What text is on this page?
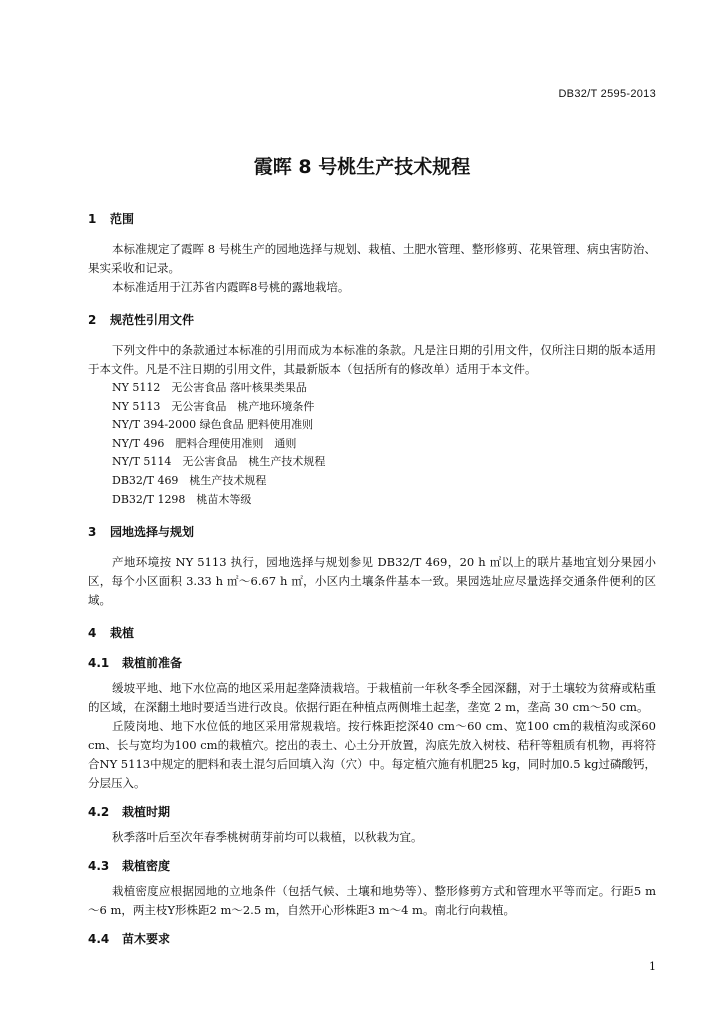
DB32/T 2595-2013
霞晖 8 号桃生产技术规程
1 范围

本标准规定了霞晖 8 号桃生产的园地选择与规划、栽植、土肥水管理、整形修剪、花果管理、病虫害防治、果实采收和记录。

本标准适用于江苏省内霞晖8号桃的露地栽培。

2 规范性引用文件

下列文件中的条款通过本标准的引用而成为本标准的条款。凡是注日期的引用文件，仅所注日期的版本适用于本文件。凡是不注日期的引用文件，其最新版本（包括所有的修改单）适用于本文件。

NY 5112　无公害食品 落叶核果类果品

NY 5113　无公害食品　桃产地环境条件

NY/T 394-2000 绿色食品 肥料使用准则

NY/T 496　肥料合理使用准则　通则

NY/T 5114　无公害食品　桃生产技术规程

DB32/T 469　桃生产技术规程

DB32/T 1298　桃苗木等级

3 园地选择与规划

产地环境按 NY 5113 执行，园地选择与规划参见 DB32/T 469，20 h ㎡以上的联片基地宜划分果园小区，每个小区面积 3.33 h ㎡～6.67 h ㎡，小区内土壤条件基本一致。果园选址应尽量选择交通条件便利的区域。

4 栽植
4.1 栽植前准备

缓坡平地、地下水位高的地区采用起垄降渍栽培。于栽植前一年秋冬季全园深翻，对于土壤较为贫瘠或粘重的区域，在深翻土地时要适当进行改良。依据行距在种植点两侧堆土起垄，垄宽 2 m，垄高 30 cm～50 cm。

丘陵岗地、地下水位低的地区采用常规栽培。按行株距挖深40 cm～60 cm、宽100 cm的栽植沟或深60 cm、长与宽均为100 cm的栽植穴。挖出的表土、心土分开放置，沟底先放入树枝、秸秆等粗质有机物，再将符合NY 5113中规定的肥料和表土混匀后回填入沟（穴）中。每定植穴施有机肥25 kg，同时加0.5 kg过磷酸钙，分层压入。

4.2 栽植时期

秋季落叶后至次年春季桃树萌芽前均可以栽植，以秋栽为宜。

4.3 栽植密度

栽植密度应根据园地的立地条件（包括气候、土壤和地势等）、整形修剪方式和管理水平等而定。行距5 m～6 m，两主枝Y形株距2 m～2.5 m，自然开心形株距3 m～4 m。南北行向栽植。

4.4 苗木要求
1
